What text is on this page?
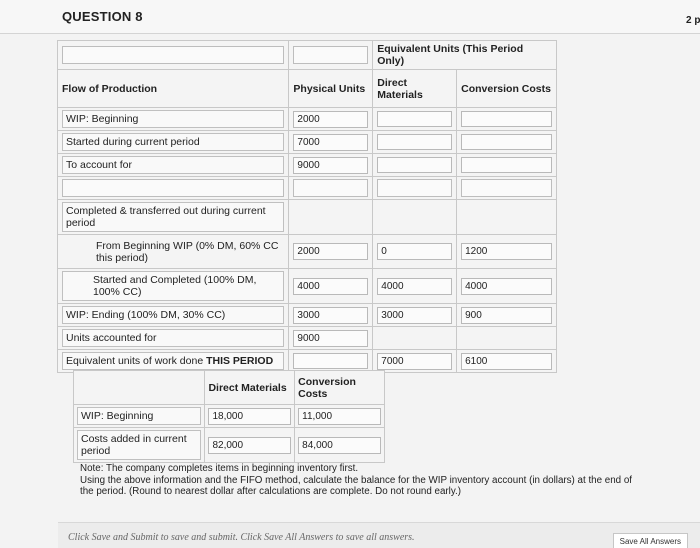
QUESTION 8	2 p

	Equivalent Units (This Period Only)	
Flow of Production	Physical Units	Direct Materials	Conversion Costs

WIP: Beginning	2000		

Started during current period	7000		

To account for	9000		

Completed & transferred out during current period			

From Beginning WIP (0% DM, 60% CC this period)	2000	0	1200

Started and Completed (100% DM, 100% CC)	4000	4000	4000

WIP: Ending (100% DM, 30% CC)	3000	3000	900

Units accounted for	9000		

Equivalent units of work done THIS PERIOD		7000	6100
	Direct Materials	Conversion Costs

WIP: Beginning	18,000	11,000

Costs added in current period	82,000	84,000

Note: The company completes items in beginning inventory first.

Using the above information and the FIFO method, calculate the balance for the WIP inventory account (in dollars) at the end of the period. (Round to nearest dollar after calculations are complete. Do not round early.)

Click Save and Submit to save and submit. Click Save All Answers to save all answers.	Save All Answers
